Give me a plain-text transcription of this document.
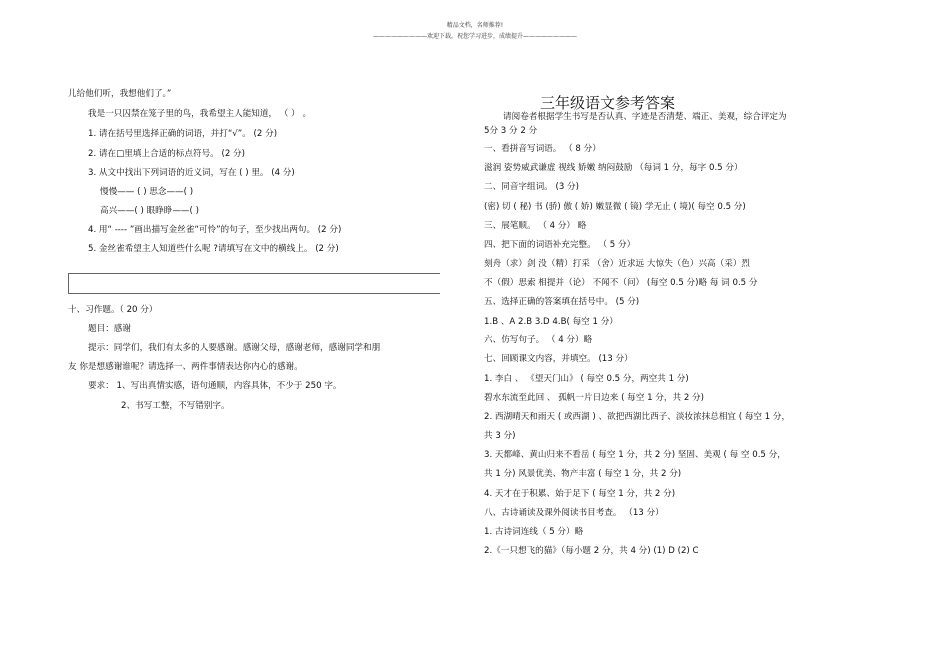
精品文档，名师推荐!
—————————欢迎下载，祝您学习进步，成绩提升—————————
儿给他们听，我想他们了。”
我是一只囚禁在笼子里的鸟，我希望主人能知道， （ ） 。
1. 请在括号里选择正确的词语，并打“√”。 (2 分)
2. 请在□里填上合适的标点符号。 (2 分)
3. 从文中找出下列词语的近义词，写在 ( ) 里。 (4 分)
慢慢—— ( ) 思念——( )
高兴——( ) 眼睁睁——( )
4. 用“ ---- ”画出描写金丝雀“可怜”的句子，至少找出两句。 (2 分)
5. 金丝雀希望主人知道些什么呢 ?请填写在文中的横线上。 (2 分)
十、习作题。（ 20 分）
题目：感谢
提示：同学们，我们有太多的人要感谢。感谢父母，感谢老师，感谢同学和朋
友 你是想感谢谁呢？请选择一、两件事情表达你内心的感谢。
要求： 1、写出真情实感，语句通顺，内容具体，不少于 250 字。
2、书写工整，不写错别字。
三年级语文参考答案
请阅卷者根据学生书写是否认真、字迹是否清楚、端正、美观，综合评定为
5分 3 分 2 分
一、看拼音写词语。 （ 8 分）
滋润 姿势威武谦虚 视线 娇嫩 纳闷鼓励 （每词 1 分，每字 0.5 分）
二、同音字组词。 (3 分)
(密) 切 ( 秘) 书 (骄) 傲 ( 娇) 嫩显微 ( 镜) 学无止 ( 境)( 每空 0.5 分)
三、展笔顺。 （ 4 分） 略
四、把下面的词语补充完整。 （ 5 分）
刻舟（求）剑 没（精）打采 （舍）近求远 大惊失（色）兴高（采）烈
不（假）思索 相提并（论） 不闻不（问） (每空 0.5 分)略 每 词 0.5 分
五、选择正确的答案填在括号中。 (5 分)
1.B 、A 2.B 3.D 4.B( 每空 1 分）
六、仿写句子。 （ 4 分）略
七、回顾课文内容，并填空。 (13 分）
1. 李白 、 《望天门山》 ( 每空 0.5 分，两空共 1 分)
碧水东流至此回 、 孤帆一片日边来 ( 每空 1 分，共 2 分)
2. 西湖晴天和雨天 ( 或西湖 ) 、欲把西湖比西子、淡妆浓抹总相宜 ( 每空 1 分，
共 3 分)
3. 天都峰、黄山归来不看岳 ( 每空 1 分，共 2 分) 坚固、美观 ( 每 空 0.5 分，
共 1 分) 风景优美、物产丰富 ( 每空 1 分，共 2 分)
4. 天才在于积累、始于足下 ( 每空 1 分，共 2 分)
八、古诗诵读及课外阅读书目考查。 （13 分）
1. 古诗词连线（ 5 分）略
2.《一只想飞的猫》（每小题 2 分，共 4 分) (1) D (2) C
